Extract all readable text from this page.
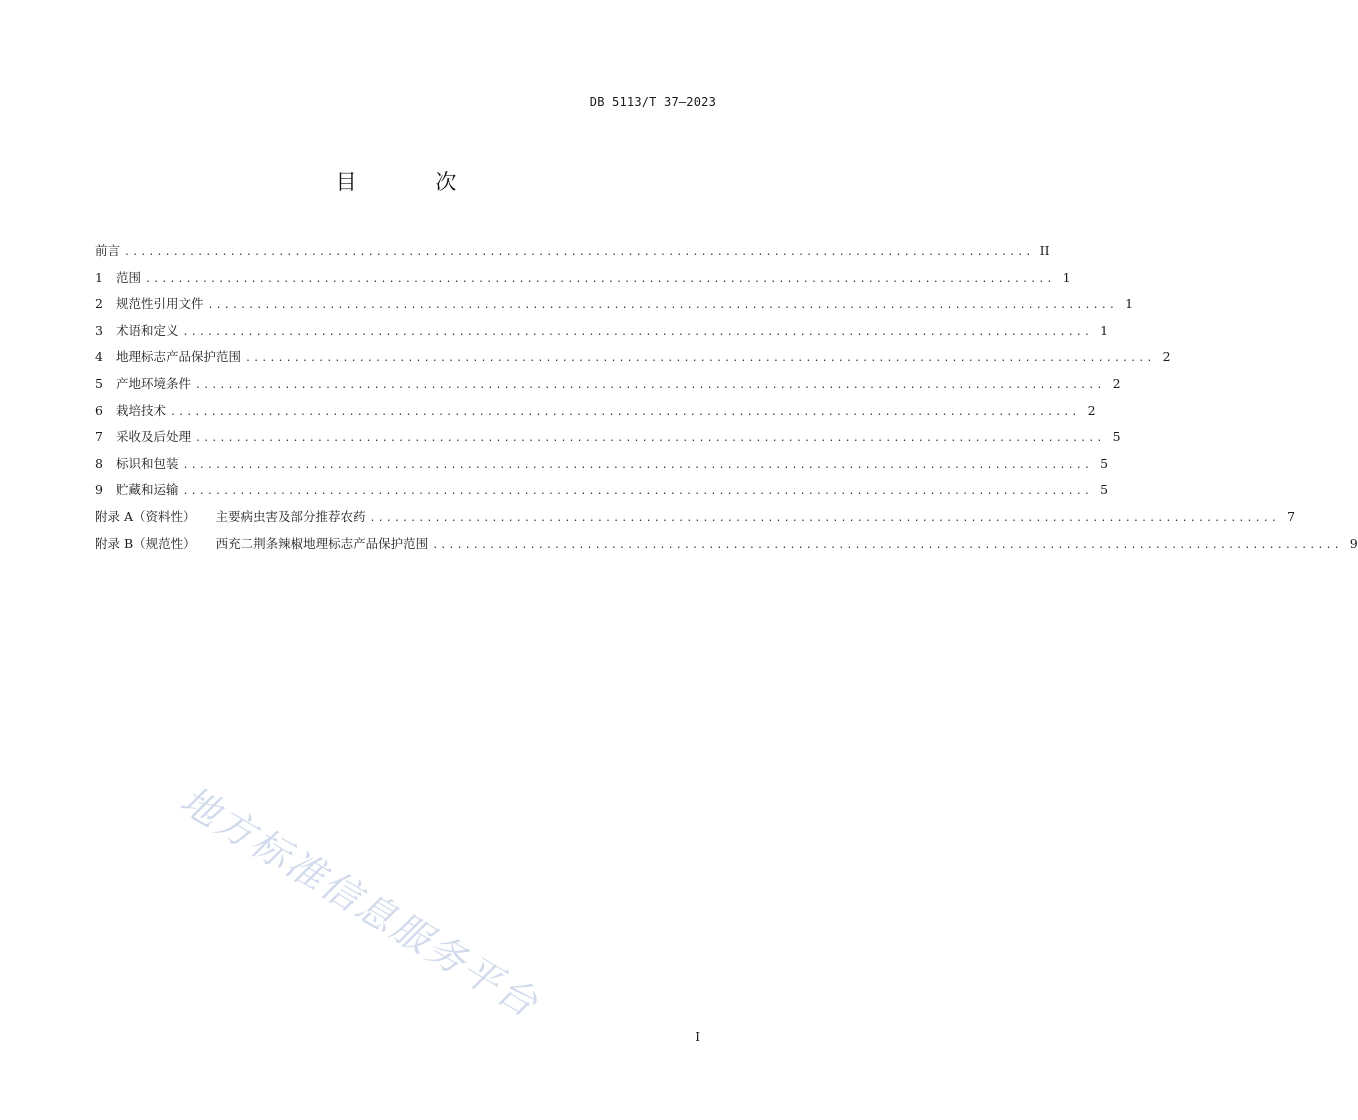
DB 5113/T 37—2023
目 次
前言 ................................................................................................................ II
1	范围 ................................................................................................................ 1
2	规范性引用文件 ................................................................................................................ 1
3	术语和定义 ................................................................................................................ 1
4	地理标志产品保护范围 ................................................................................................................ 2
5	产地环境条件 ................................................................................................................ 2
6	栽培技术 ................................................................................................................ 2
7	采收及后处理 ................................................................................................................ 5
8	标识和包装 ................................................................................................................ 5
9	贮藏和运输 ................................................................................................................ 5
附录 A（资料性） 主要病虫害及部分推荐农药 ................................................................................................................ 7
附录 B（规范性） 西充二荆条辣椒地理标志产品保护范围 ................................................................................................................ 9
地方标准信息服务平台
I
